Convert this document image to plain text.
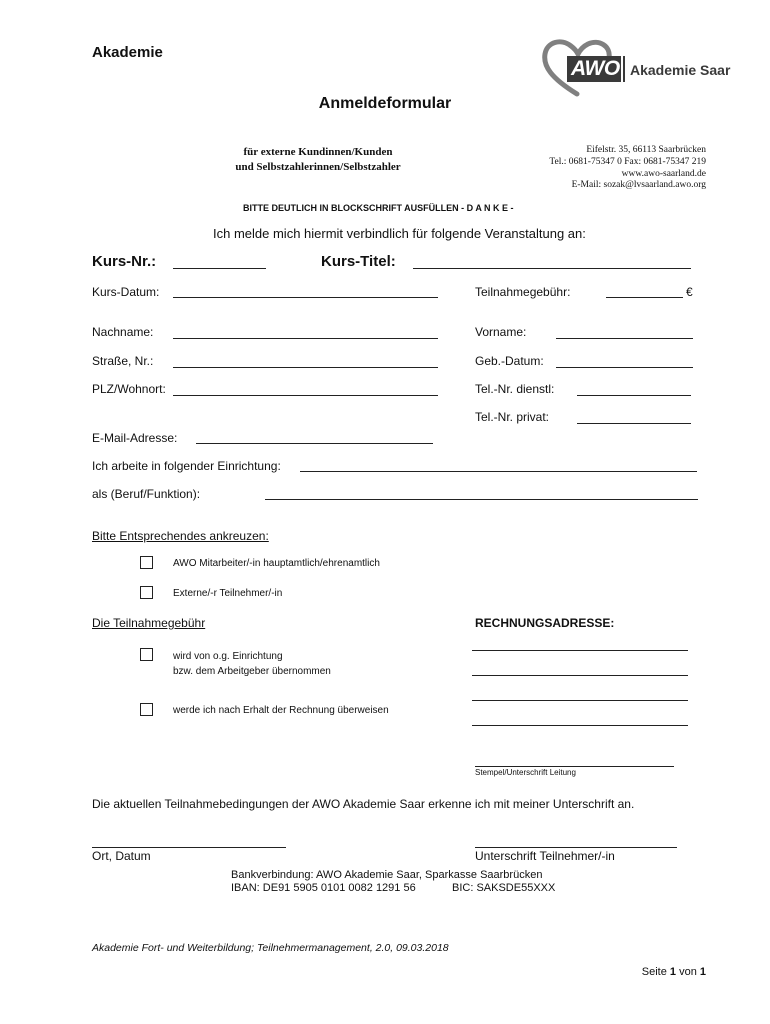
Akademie
AWO Akademie Saar
Anmeldeformular
für externe Kundinnen/Kunden
und Selbstzahlerinnen/Selbstzahler
Eifelstr. 35, 66113 Saarbrücken
Tel.: 0681-75347 0 Fax: 0681-75347 219
www.awo-saarland.de
E-Mail: sozak@lvsaarland.awo.org
BITTE DEUTLICH IN BLOCKSCHRIFT AUSFÜLLEN - D A N K E -
Ich melde mich hiermit verbindlich für folgende Veranstaltung an:
Kurs-Nr.:	Kurs-Titel:
Kurs-Datum:	Teilnahmegebühr:	€
Nachname:	Vorname:
Straße, Nr.:	Geb.-Datum:
PLZ/Wohnort:	Tel.-Nr. dienstl:
Tel.-Nr. privat:
E-Mail-Adresse:
Ich arbeite in folgender Einrichtung:
als (Beruf/Funktion):
Bitte Entsprechendes ankreuzen:
AWO Mitarbeiter/-in hauptamtlich/ehrenamtlich
Externe/-r Teilnehmer/-in
Die Teilnahmegebühr
wird von o.g. Einrichtung
bzw. dem Arbeitgeber übernommen
werde ich nach Erhalt der Rechnung überweisen
RECHNUNGSADRESSE:
Stempel/Unterschrift Leitung
Die aktuellen Teilnahmebedingungen der AWO Akademie Saar erkenne ich mit meiner Unterschrift an.
Ort, Datum	Unterschrift Teilnehmer/-in
Bankverbindung: AWO Akademie Saar, Sparkasse Saarbrücken
IBAN: DE91 5905 0101 0082 1291 56	BIC: SAKSDE55XXX
Akademie Fort- und Weiterbildung; Teilnehmermanagement, 2.0, 09.03.2018
Seite 1 von 1
